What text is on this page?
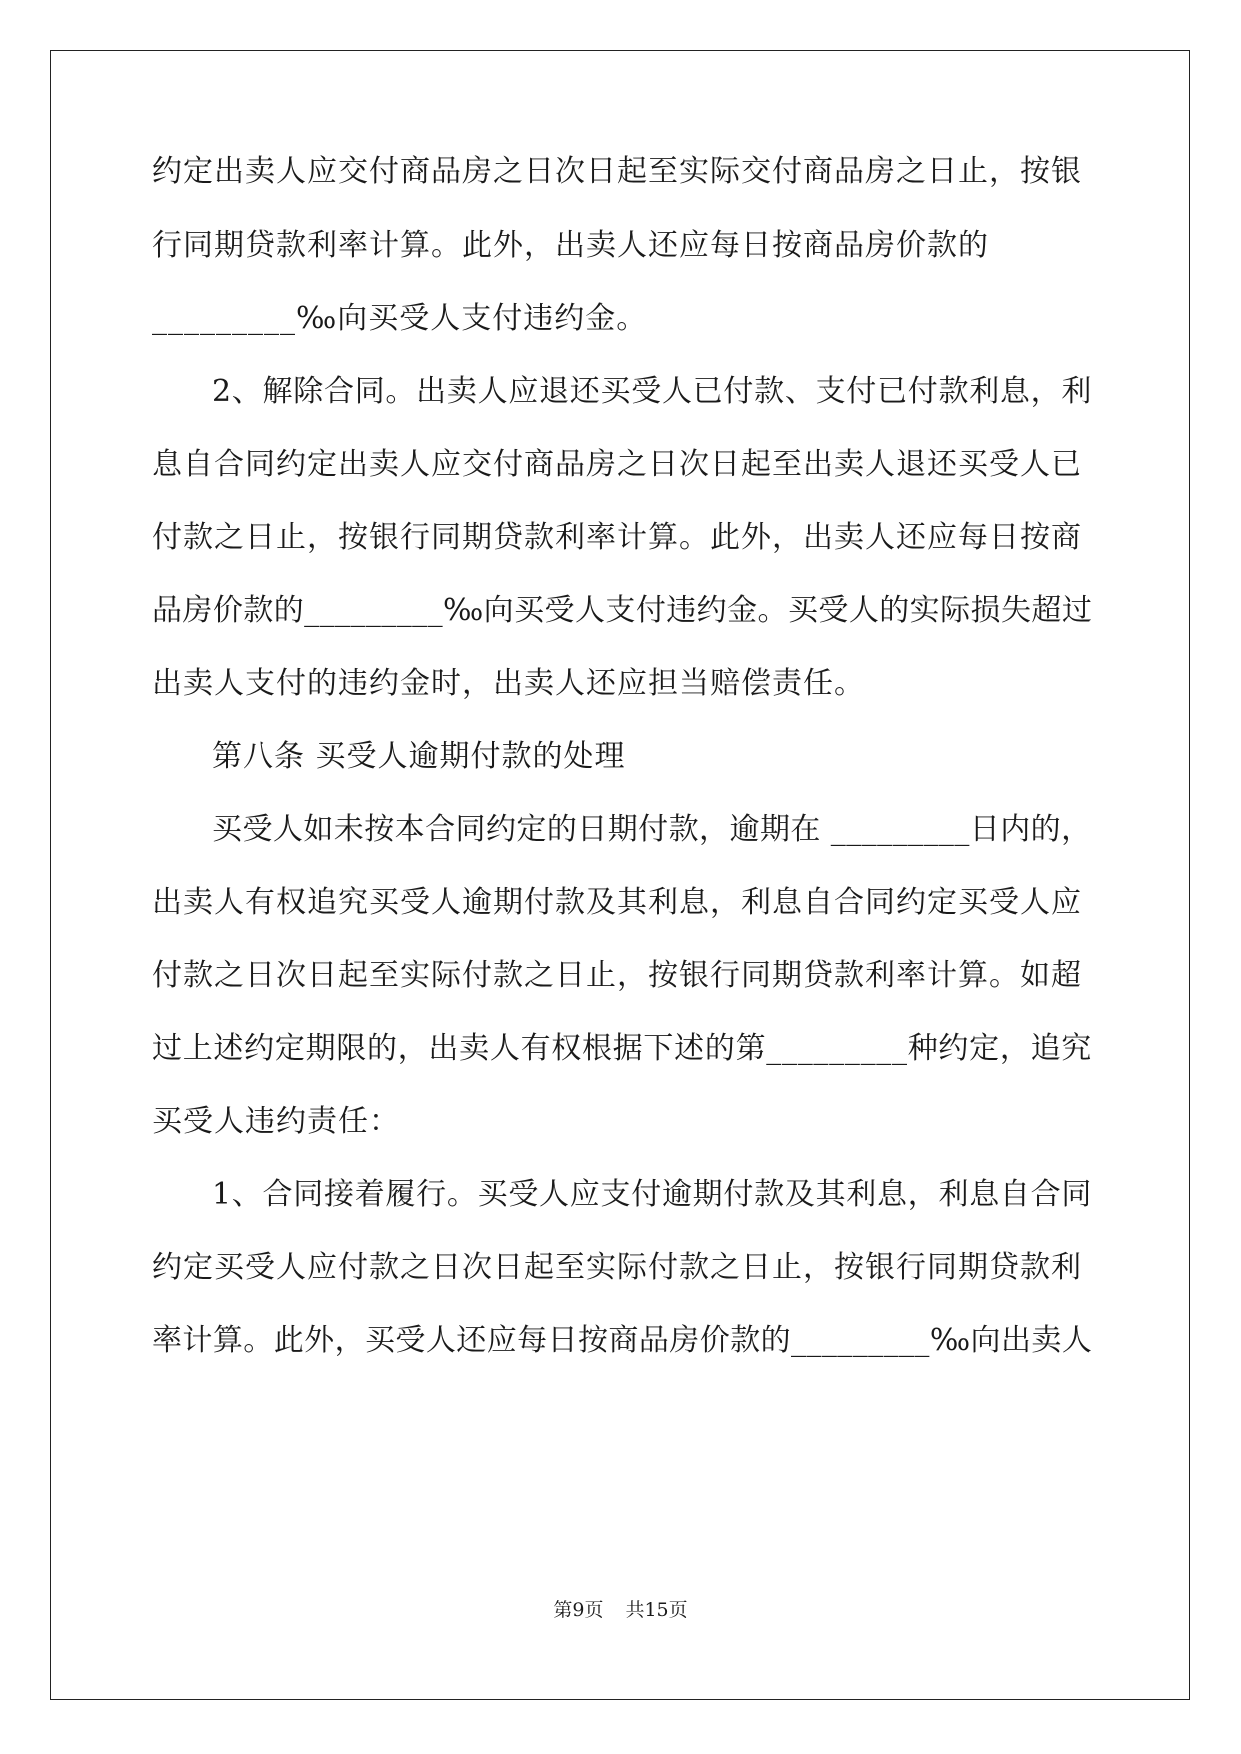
约定出卖人应交付商品房之日次日起至实际交付商品房之日止，按银
行同期贷款利率计算。此外，出卖人还应每日按商品房价款的
_________‰向买受人支付违约金。
2、解除合同。出卖人应退还买受人已付款、支付已付款利息，利
息自合同约定出卖人应交付商品房之日次日起至出卖人退还买受人已
付款之日止，按银行同期贷款利率计算。此外，出卖人还应每日按商
品房价款的_________‰向买受人支付违约金。买受人的实际损失超过
出卖人支付的违约金时，出卖人还应担当赔偿责任。
第八条 买受人逾期付款的处理
买受人如未按本合同约定的日期付款，逾期在 _________日内的，
出卖人有权追究买受人逾期付款及其利息，利息自合同约定买受人应
付款之日次日起至实际付款之日止，按银行同期贷款利率计算。如超
过上述约定期限的，出卖人有权根据下述的第_________种约定，追究
买受人违约责任：
1、合同接着履行。买受人应支付逾期付款及其利息，利息自合同
约定买受人应付款之日次日起至实际付款之日止，按银行同期贷款利
率计算。此外，买受人还应每日按商品房价款的_________‰向出卖人
第9页 共15页
